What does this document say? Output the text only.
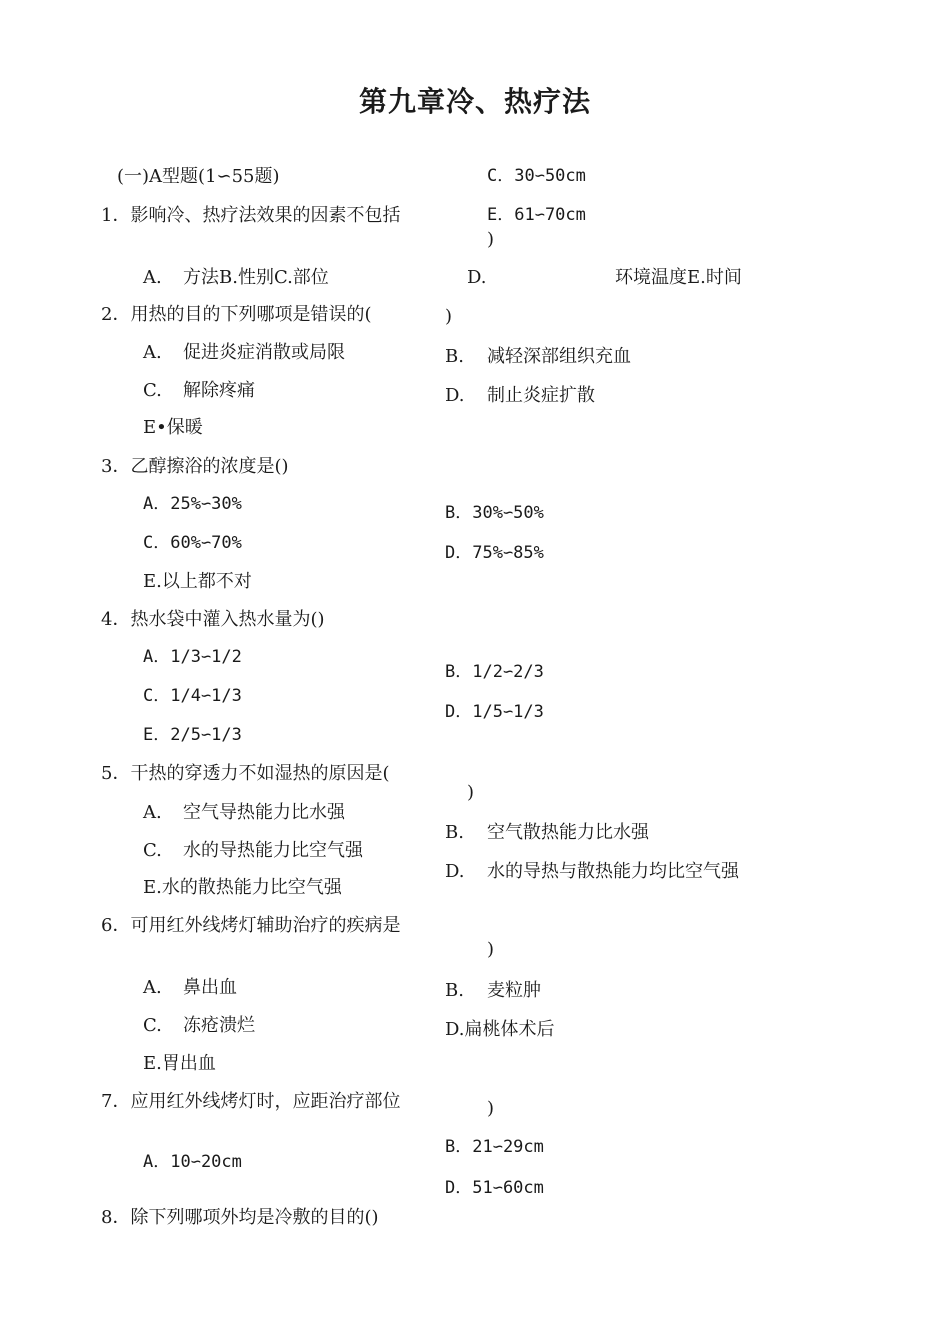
第九章冷、热疗法
(一)A型题(1∽55题)
1．影响冷、热疗法效果的因素不包括
A. 方法B.性别C.部位
2．用热的目的下列哪项是错误的(
A. 促进炎症消散或局限
C. 解除疼痛
E•保暖
3．乙醇擦浴的浓度是()
A．25%∽30%
C．60%∽70%
E.以上都不对
4．热水袋中灌入热水量为()
A．1/3∽1/2
C．1/4∽1/3
E．2/5∽1/3
5．干热的穿透力不如湿热的原因是(
A. 空气导热能力比水强
C. 水的导热能力比空气强
E.水的散热能力比空气强
6．可用红外线烤灯辅助治疗的疾病是
A. 鼻出血
C. 冻疮溃烂
E.胃出血
7．应用红外线烤灯时，应距治疗部位
A．10∽20cm
8．除下列哪项外均是冷敷的目的()
C．30∽50cm
E．61∽70cm
)
D.	环境温度E.时间
)
B. 减轻深部组织充血
D. 制止炎症扩散
B．30%∽50%
D．75%∽85%
B．1/2∽2/3
D．1/5∽1/3
)
B. 空气散热能力比水强
D. 水的导热与散热能力均比空气强
)
B. 麦粒肿
D.扁桃体术后
)
B．21∽29cm
D．51∽60cm
